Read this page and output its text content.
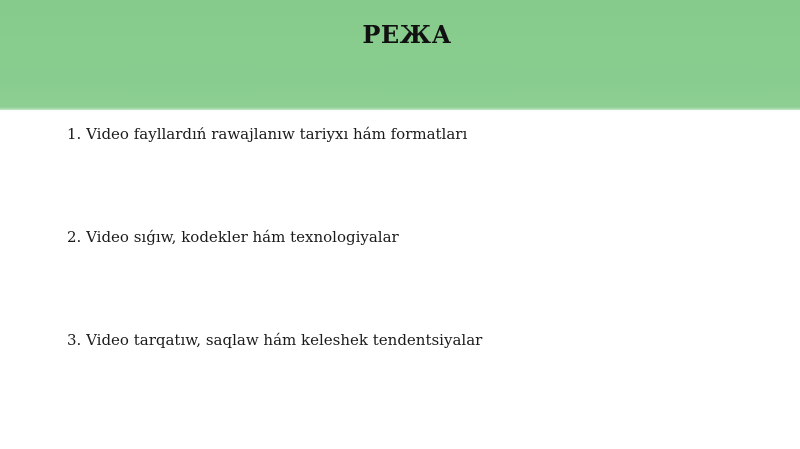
РЕЖА
1. Video fayllardıń rawajlanıw tariyxı hám formatları
2. Video sıǵıw, kodekler hám texnologiyalar
3. Video tarqatıw, saqlaw hám keleshek tendentsiyalar
